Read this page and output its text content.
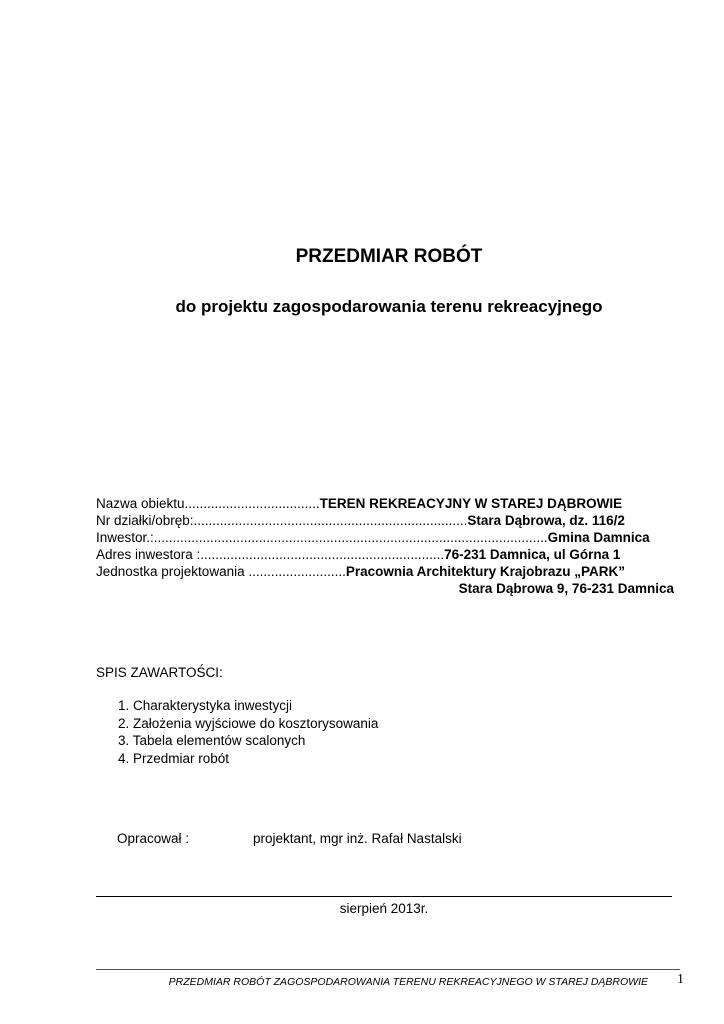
PRZEDMIAR ROBÓT
do projektu zagospodarowania terenu rekreacyjnego
Nazwa obiektu....................................TEREN REKREACYJNY W STAREJ DĄBROWIE
Nr działki/obręb:.........................................................................Stara Dąbrowa, dz. 116/2
Inwestor.:.........................................................................................................Gmina Damnica
Adres inwestora :.................................................................76-231 Damnica, ul Górna 1
Jednostka projektowania ..........................Pracownia Architektury Krajobrazu „PARK”
Stara Dąbrowa 9, 76-231 Damnica
SPIS ZAWARTOŚCI:
1. Charakterystyka inwestycji
2. Założenia wyjściowe do kosztorysowania
3. Tabela elementów scalonych
4. Przedmiar robót
Opracował :	projektant, mgr inż. Rafał Nastalski
sierpień 2013r.
PRZEDMIAR ROBÓT ZAGOSPODAROWANIA TERENU REKREACYJNEGO W STAREJ DĄBROWIE 1
